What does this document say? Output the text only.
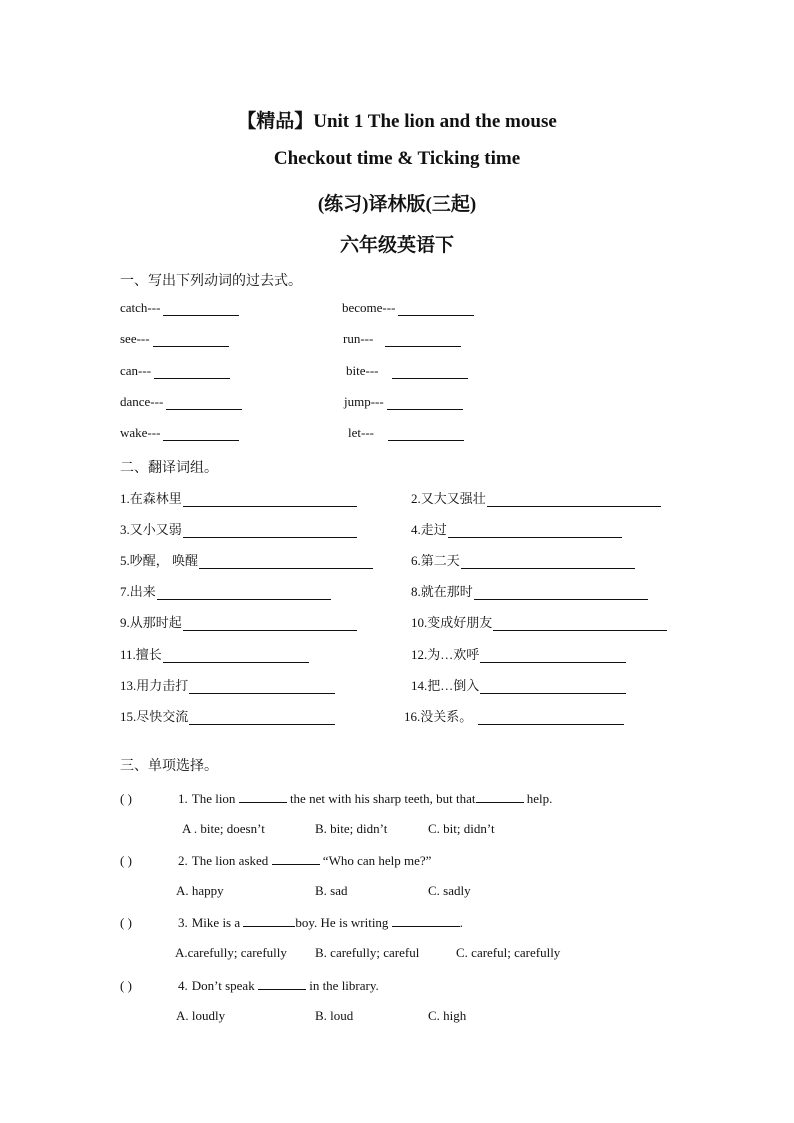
【精品】Unit 1 The lion and the mouse
Checkout time & Ticking time
(练习)译林版(三起)
六年级英语下
一、写出下列动词的过去式。
catch---	become---
see---	run---
can---	bite---
dance---	jump---
wake---	let---
二、翻译词组。
1.在森林里	2.又大又强壮
3.又小又弱	4.走过
5.吵醒， 唤醒	6.第二天
7.出来	8.就在那时
9.从那时起	10.变成好朋友
11.擅长	12.为…欢呼
13.用力击打	14.把…倒入
15.尽快交流	16.没关系。
三、单项选择。
( )	1. The lion	the net with his sharp teeth, but that	help.
A . bite; doesn’t	B. bite; didn’t	C. bit; didn’t
( )	2. The lion asked	“Who can help me?”
A. happy	B. sad	C. sadly
( )	3. Mike is a	boy. He is writing	.
A.carefully; carefully B. carefully; careful	C. careful; carefully
( )	4. Don’t speak	in the library.
A. loudly	B. loud	C. high
